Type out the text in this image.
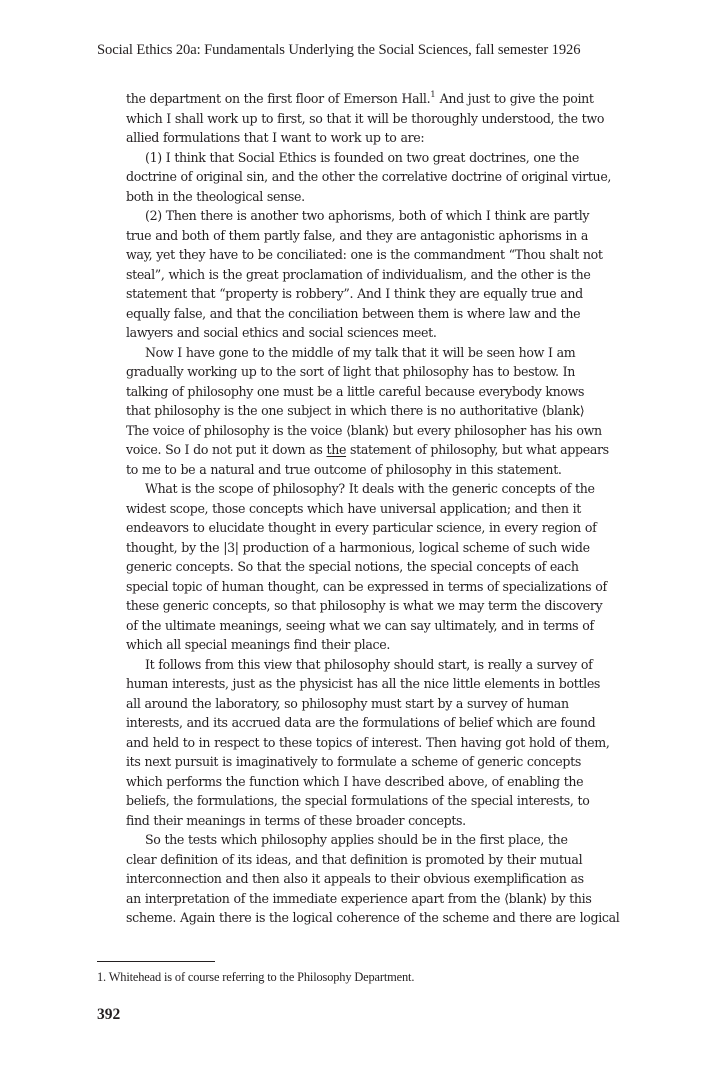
Social Ethics 20a: Fundamentals Underlying the Social Sciences, fall semester 1926
the department on the first floor of Emerson Hall.$^1$ And just to give the point
which I shall work up to first, so that it will be thoroughly understood, the two
allied formulations that I want to work up to are:
(1) I think that Social Ethics is founded on two great doctrines, one the
doctrine of original sin, and the other the correlative doctrine of original virtue,
both in the theological sense.
(2) Then there is another two aphorisms, both of which I think are partly
true and both of them partly false, and they are antagonistic aphorisms in a
way, yet they have to be conciliated: one is the commandment “Thou shalt not
steal”, which is the great proclamation of individualism, and the other is the
statement that “property is robbery”. And I think they are equally true and
equally false, and that the conciliation between them is where law and the
lawyers and social ethics and social sciences meet.
Now I have gone to the middle of my talk that it will be seen how I am
gradually working up to the sort of light that philosophy has to bestow. In
talking of philosophy one must be a little careful because everybody knows
that philosophy is the one subject in which there is no authoritative ⟨blank⟩
The voice of philosophy is the voice ⟨blank⟩ but every philosopher has his own
voice. So I do not put it down as the statement of philosophy, but what appears
to me to be a natural and true outcome of philosophy in this statement.
What is the scope of philosophy? It deals with the generic concepts of the
widest scope, those concepts which have universal application; and then it
endeavors to elucidate thought in every particular science, in every region of
thought, by the |3| production of a harmonious, logical scheme of such wide
generic concepts. So that the special notions, the special concepts of each
special topic of human thought, can be expressed in terms of specializations of
these generic concepts, so that philosophy is what we may term the discovery
of the ultimate meanings, seeing what we can say ultimately, and in terms of
which all special meanings find their place.
It follows from this view that philosophy should start, is really a survey of
human interests, just as the physicist has all the nice little elements in bottles
all around the laboratory, so philosophy must start by a survey of human
interests, and its accrued data are the formulations of belief which are found
and held to in respect to these topics of interest. Then having got hold of them,
its next pursuit is imaginatively to formulate a scheme of generic concepts
which performs the function which I have described above, of enabling the
beliefs, the formulations, the special formulations of the special interests, to
find their meanings in terms of these broader concepts.
So the tests which philosophy applies should be in the first place, the
clear definition of its ideas, and that definition is promoted by their mutual
interconnection and then also it appeals to their obvious exemplification as
an interpretation of the immediate experience apart from the ⟨blank⟩ by this
scheme. Again there is the logical coherence of the scheme and there are logical
1. Whitehead is of course referring to the Philosophy Department.
392
